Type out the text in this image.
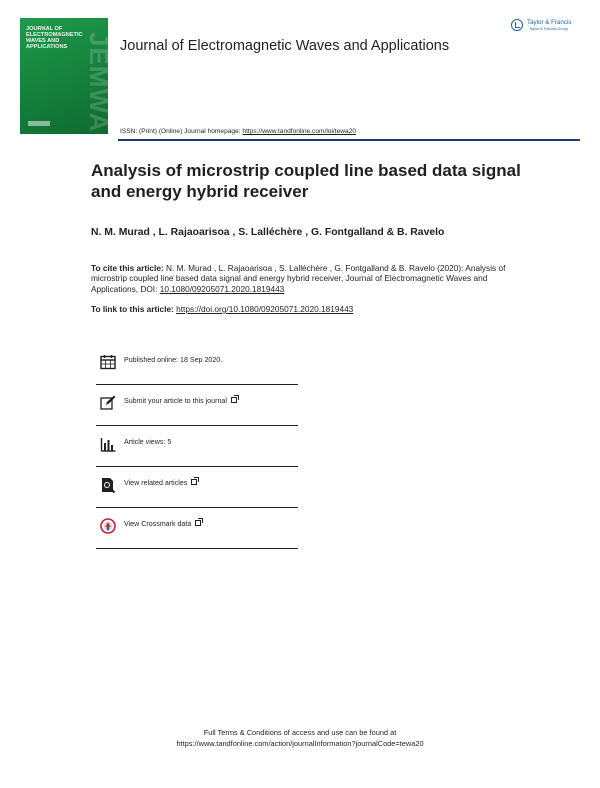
JOURNAL OF ELECTROMAGNETIC WAVES AND APPLICATIONS JEMWA Journal of Electromagnetic Waves and Applications
Taylor & Francis
Taylor & Francis Group
ISSN: (Print) (Online) Journal homepage: https://www.tandfonline.com/loi/tewa20
Analysis of microstrip coupled line based data signal and energy hybrid receiver
N. M. Murad , L. Rajaoarisoa , S. Lalléchère , G. Fontgalland & B. Ravelo
To cite this article: N. M. Murad , L. Rajaoarisoa , S. Lalléchère , G. Fontgalland & B. Ravelo (2020): Analysis of microstrip coupled line based data signal and energy hybrid receiver, Journal of Electromagnetic Waves and Applications, DOI: 10.1080/09205071.2020.1819443
To link to this article: https://doi.org/10.1080/09205071.2020.1819443
Published online: 18 Sep 2020.
Submit your article to this journal
Article views: 5
View related articles
View Crossmark data
Full Terms & Conditions of access and use can be found at
https://www.tandfonline.com/action/journalInformation?journalCode=tewa20
